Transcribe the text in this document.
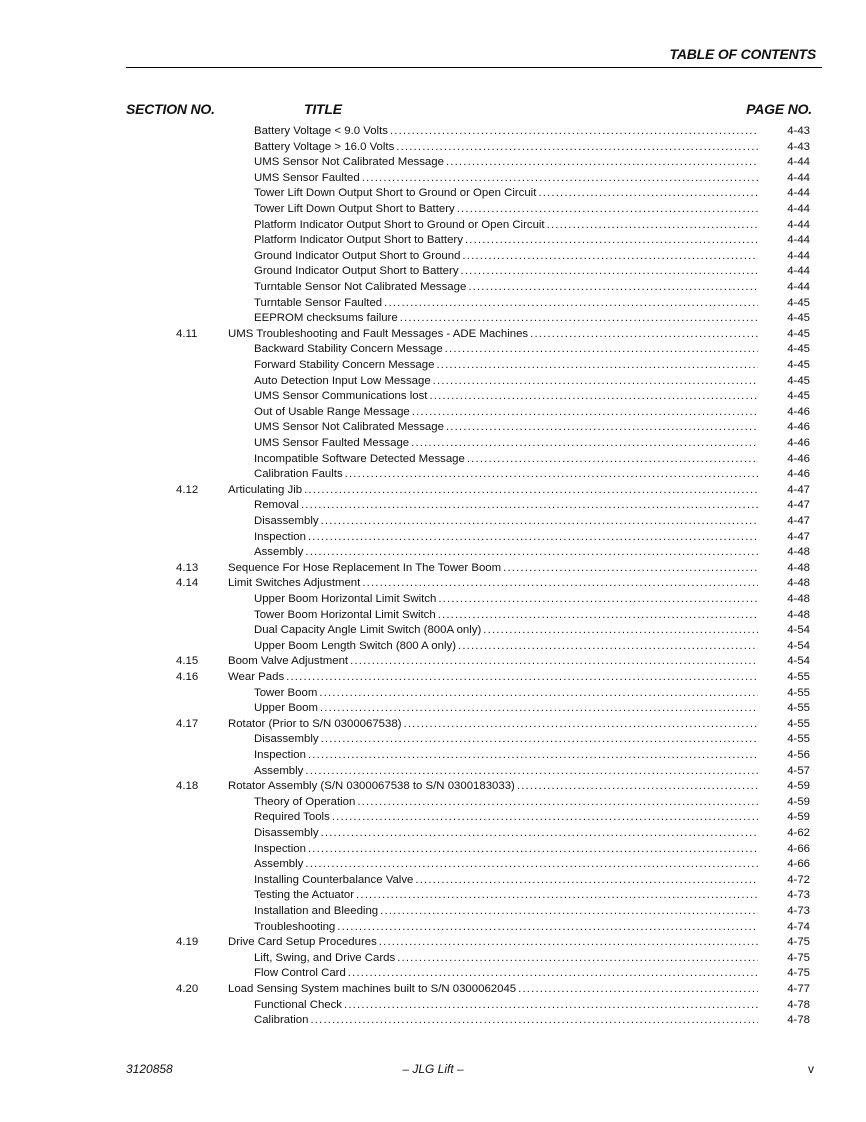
TABLE OF CONTENTS
SECTION NO.	TITLE	PAGE NO.
Battery Voltage < 9.0 Volts . . .	4-43
Battery Voltage > 16.0 Volts . . .	4-43
UMS Sensor Not Calibrated Message . . .	4-44
UMS Sensor Faulted . . .	4-44
Tower Lift Down Output Short to Ground or Open Circuit . . .	4-44
Tower Lift Down Output Short to Battery . . .	4-44
Platform Indicator Output Short to Ground or Open Circuit . . .	4-44
Platform Indicator Output Short to Battery . . .	4-44
Ground Indicator Output Short to Ground . . .	4-44
Ground Indicator Output Short to Battery . . .	4-44
Turntable Sensor Not Calibrated Message . . .	4-44
Turntable Sensor Faulted . . .	4-45
EEPROM checksums failure . . .	4-45
4.11	UMS Troubleshooting and Fault Messages - ADE Machines . . .	4-45
Backward Stability Concern Message . . .	4-45
Forward Stability Concern Message . . .	4-45
Auto Detection Input Low Message . . .	4-45
UMS Sensor Communications lost . . .	4-45
Out of Usable Range Message . . .	4-46
UMS Sensor Not Calibrated Message . . .	4-46
UMS Sensor Faulted Message . . .	4-46
Incompatible Software Detected Message . . .	4-46
Calibration Faults . . .	4-46
4.12	Articulating Jib . . .	4-47
Removal . . .	4-47
Disassembly . . .	4-47
Inspection . . .	4-47
Assembly . . .	4-48
4.13	Sequence For Hose Replacement In The Tower Boom . . .	4-48
4.14	Limit Switches Adjustment . . .	4-48
Upper Boom Horizontal Limit Switch . . .	4-48
Tower Boom Horizontal Limit Switch . . .	4-48
Dual Capacity Angle Limit Switch (800A only) . . .	4-54
Upper Boom Length Switch (800 A only) . . .	4-54
4.15	Boom Valve Adjustment . . .	4-54
4.16	Wear Pads . . .	4-55
Tower Boom . . .	4-55
Upper Boom . . .	4-55
4.17	Rotator (Prior to S/N 0300067538) . . .	4-55
Disassembly . . .	4-55
Inspection . . .	4-56
Assembly . . .	4-57
4.18	Rotator Assembly (S/N 0300067538 to S/N 0300183033) . . .	4-59
Theory of Operation . . .	4-59
Required Tools . . .	4-59
Disassembly . . .	4-62
Inspection . . .	4-66
Assembly . . .	4-66
Installing Counterbalance Valve . . .	4-72
Testing the Actuator . . .	4-73
Installation and Bleeding . . .	4-73
Troubleshooting . . .	4-74
4.19	Drive Card Setup Procedures . . .	4-75
Lift, Swing, and Drive Cards . . .	4-75
Flow Control Card . . .	4-75
4.20	Load Sensing System machines built to S/N 0300062045 . . .	4-77
Functional Check . . .	4-78
Calibration . . .	4-78
3120858	– JLG Lift –	v
